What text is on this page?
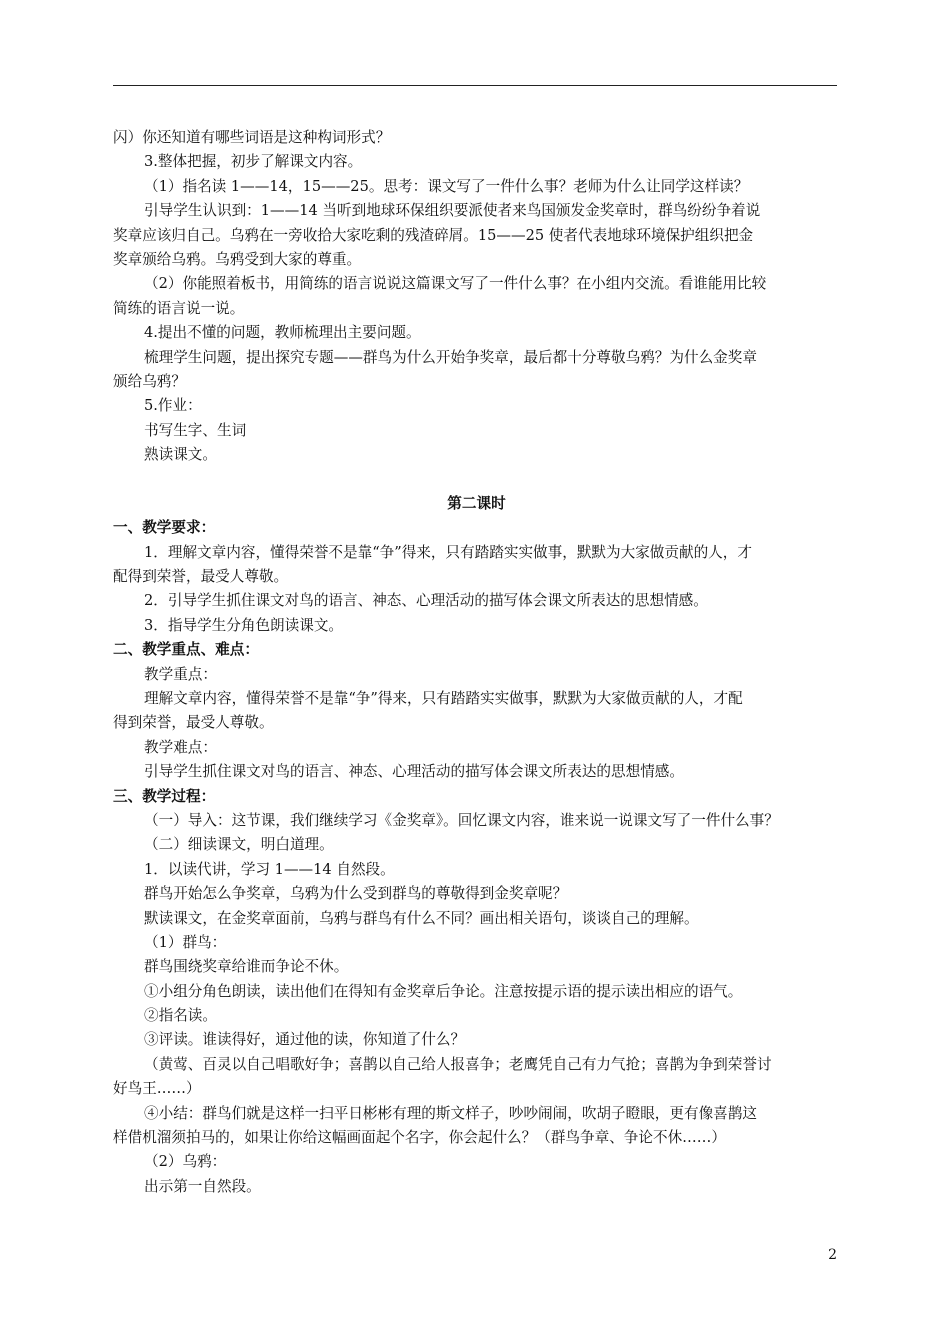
闪）你还知道有哪些词语是这种构词形式？
3.整体把握，初步了解课文内容。
（1）指名读 1——14，15——25。思考：课文写了一件什么事？老师为什么让同学这样读？
引导学生认识到：1——14 当听到地球环保组织要派使者来鸟国颁发金奖章时，群鸟纷纷争着说
奖章应该归自己。乌鸦在一旁收拾大家吃剩的残渣碎屑。15——25 使者代表地球环境保护组织把金
奖章颁给乌鸦。乌鸦受到大家的尊重。
（2）你能照着板书，用简练的语言说说这篇课文写了一件什么事？在小组内交流。看谁能用比较
简练的语言说一说。
4.提出不懂的问题，教师梳理出主要问题。
梳理学生问题，提出探究专题——群鸟为什么开始争奖章，最后都十分尊敬乌鸦？为什么金奖章
颁给乌鸦？
5.作业：
书写生字、生词
熟读课文。
第二课时
一、教学要求：
1．理解文章内容，懂得荣誉不是靠“争”得来，只有踏踏实实做事，默默为大家做贡献的人，才
配得到荣誉，最受人尊敬。
2．引导学生抓住课文对鸟的语言、神态、心理活动的描写体会课文所表达的思想情感。
3．指导学生分角色朗读课文。
二、教学重点、难点：
教学重点：
理解文章内容，懂得荣誉不是靠“争”得来，只有踏踏实实做事，默默为大家做贡献的人，才配
得到荣誉，最受人尊敬。
教学难点：
引导学生抓住课文对鸟的语言、神态、心理活动的描写体会课文所表达的思想情感。
三、教学过程：
（一）导入：这节课，我们继续学习《金奖章》。回忆课文内容，谁来说一说课文写了一件什么事？
（二）细读课文，明白道理。
1．以读代讲，学习 1——14 自然段。
群鸟开始怎么争奖章，乌鸦为什么受到群鸟的尊敬得到金奖章呢？
默读课文，在金奖章面前，乌鸦与群鸟有什么不同？画出相关语句，谈谈自己的理解。
（1）群鸟：
群鸟围绕奖章给谁而争论不休。
①小组分角色朗读，读出他们在得知有金奖章后争论。注意按提示语的提示读出相应的语气。
②指名读。
③评读。谁读得好，通过他的读，你知道了什么？
（黄莺、百灵以自己唱歌好争；喜鹊以自己给人报喜争；老鹰凭自己有力气抢；喜鹊为争到荣誉讨
好鸟王……）
④小结：群鸟们就是这样一扫平日彬彬有理的斯文样子，吵吵闹闹，吹胡子瞪眼，更有像喜鹊这
样借机溜须拍马的，如果让你给这幅画面起个名字，你会起什么？（群鸟争章、争论不休……）
（2）乌鸦：
出示第一自然段。
2
